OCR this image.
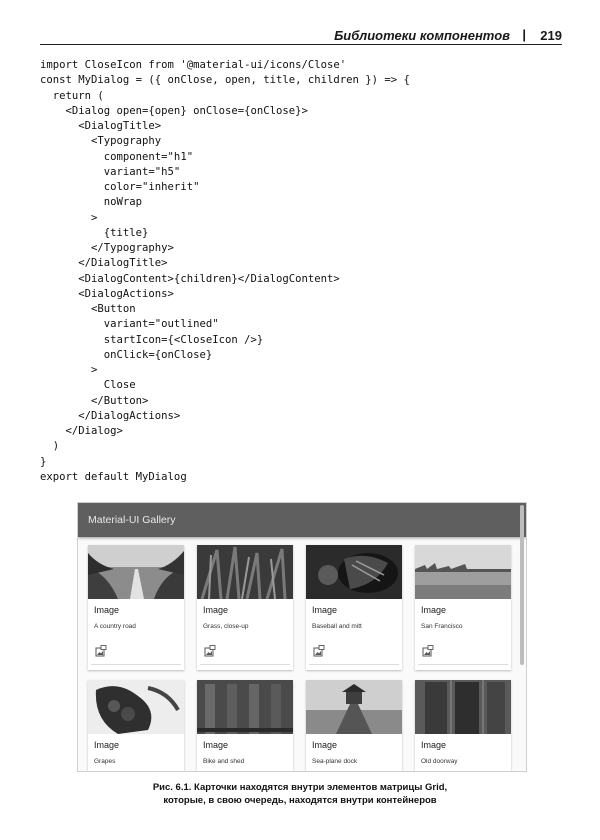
Библиотеки компонентов | 219
import CloseIcon from '@material-ui/icons/Close'
const MyDialog = ({ onClose, open, title, children }) => {
return (
<Dialog open={open} onClose={onClose}>
<DialogTitle>
<Typography
component="h1"
variant="h5"
color="inherit"
noWrap
>
{title}
</Typography>
</DialogTitle>
<DialogContent>{children}</DialogContent>
<DialogActions>
<Button
variant="outlined"
startIcon={<CloseIcon />}
onClick={onClose}
>
Close
</Button>
</DialogActions>
</Dialog>
)
}
export default MyDialog
Material-UI Gallery
Image
A country road
Image
Grass, close-up
Image
Baseball and mitt
Image
San Francisco
Image
Grapes
Image
Bike and shed
Image
Sea-plane dock
Image
Old doorway
Рис. 6.1. Карточки находятся внутри элементов матрицы Grid,
которые, в свою очередь, находятся внутри контейнеров
